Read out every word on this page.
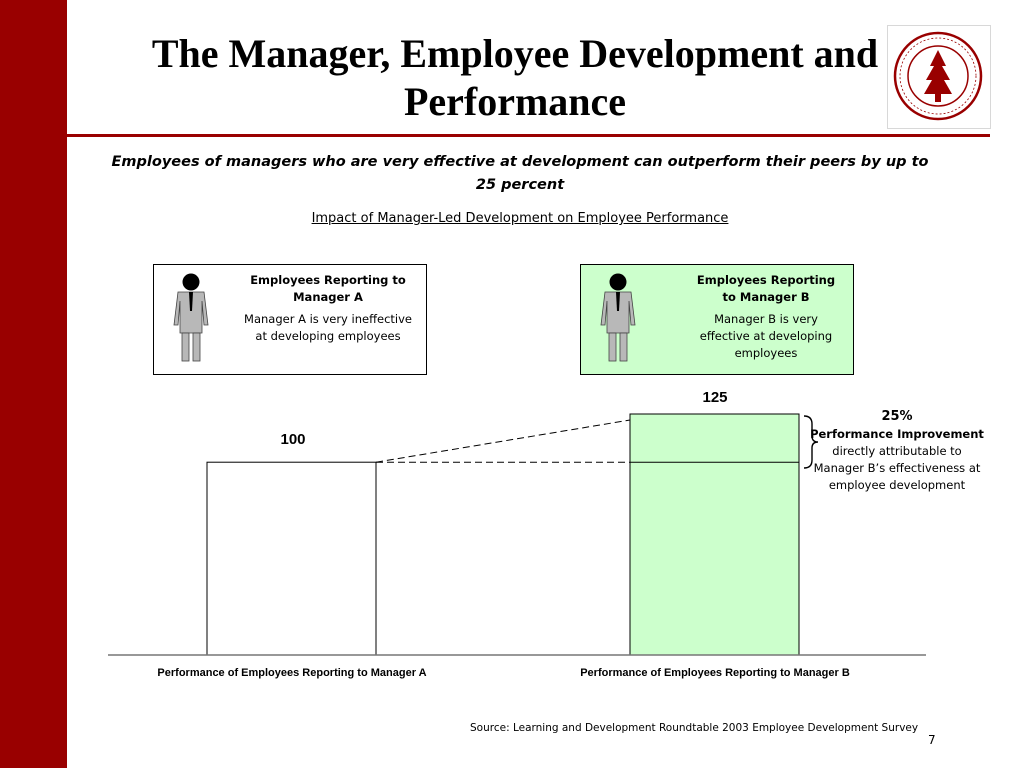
The Manager, Employee Development and Performance
Employees of managers who are very effective at development can outperform their peers by up to 25 percent
Impact of Manager-Led Development on Employee Performance
Employees Reporting to Manager A
Manager A is very ineffective at developing employees
Employees Reporting to Manager B
Manager B is very effective at developing employees
100
Performance of Employees Reporting to Manager A
125
Performance of Employees Reporting to Manager B
25%
Performance Improvement
directly attributable to Manager B’s effectiveness at employee development
Source: Learning and Development Roundtable 2003 Employee Development Survey
7
